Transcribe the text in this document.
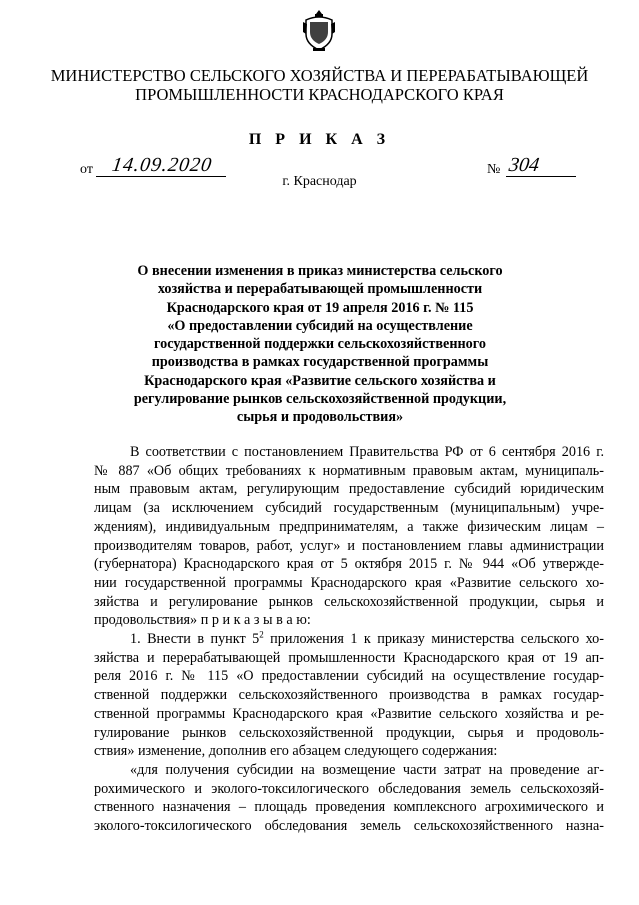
МИНИСТЕРСТВО СЕЛЬСКОГО ХОЗЯЙСТВА И ПЕРЕРАБАТЫВАЮЩЕЙ
ПРОМЫШЛЕННОСТИ КРАСНОДАРСКОГО КРАЯ
П Р И К А З
от 14.09.2020	№ 304
г. Краснодар
О внесении изменения в приказ министерства сельского
хозяйства и перерабатывающей промышленности
Краснодарского края от 19 апреля 2016 г. № 115
«О предоставлении субсидий на осуществление
государственной поддержки сельскохозяйственного
производства в рамках государственной программы
Краснодарского края «Развитие сельского хозяйства и
регулирование рынков сельскохозяйственной продукции,
сырья и продовольствия»
В соответствии с постановлением Правительства РФ от 6 сентября 2016 г.
№ 887 «Об общих требованиях к нормативным правовым актам, муниципаль-
ным правовым актам, регулирующим предоставление субсидий юридическим
лицам (за исключением субсидий государственным (муниципальным) учре-
ждениям), индивидуальным предпринимателям, а также физическим лицам –
производителям товаров, работ, услуг» и постановлением главы администрации
(губернатора) Краснодарского края от 5 октября 2015 г. № 944 «Об утвержде-
нии государственной программы Краснодарского края «Развитие сельского хо-
зяйства и регулирование рынков сельскохозяйственной продукции, сырья и
продовольствия» п р и к а з ы в а ю:
1. Внести в пункт $5^2$ приложения 1 к приказу министерства сельского хо-
зяйства и перерабатывающей промышленности Краснодарского края от 19 ап-
реля 2016 г. № 115 «О предоставлении субсидий на осуществление государ-
ственной поддержки сельскохозяйственного производства в рамках государ-
ственной программы Краснодарского края «Развитие сельского хозяйства и ре-
гулирование рынков сельскохозяйственной продукции, сырья и продоволь-
ствия» изменение, дополнив его абзацем следующего содержания:
«для получения субсидии на возмещение части затрат на проведение аг-
рохимического и эколого-токсилогического обследования земель сельскохозяй-
ственного назначения – площадь проведения комплексного агрохимического и
эколого-токсилогического обследования земель сельскохозяйственного назна-
